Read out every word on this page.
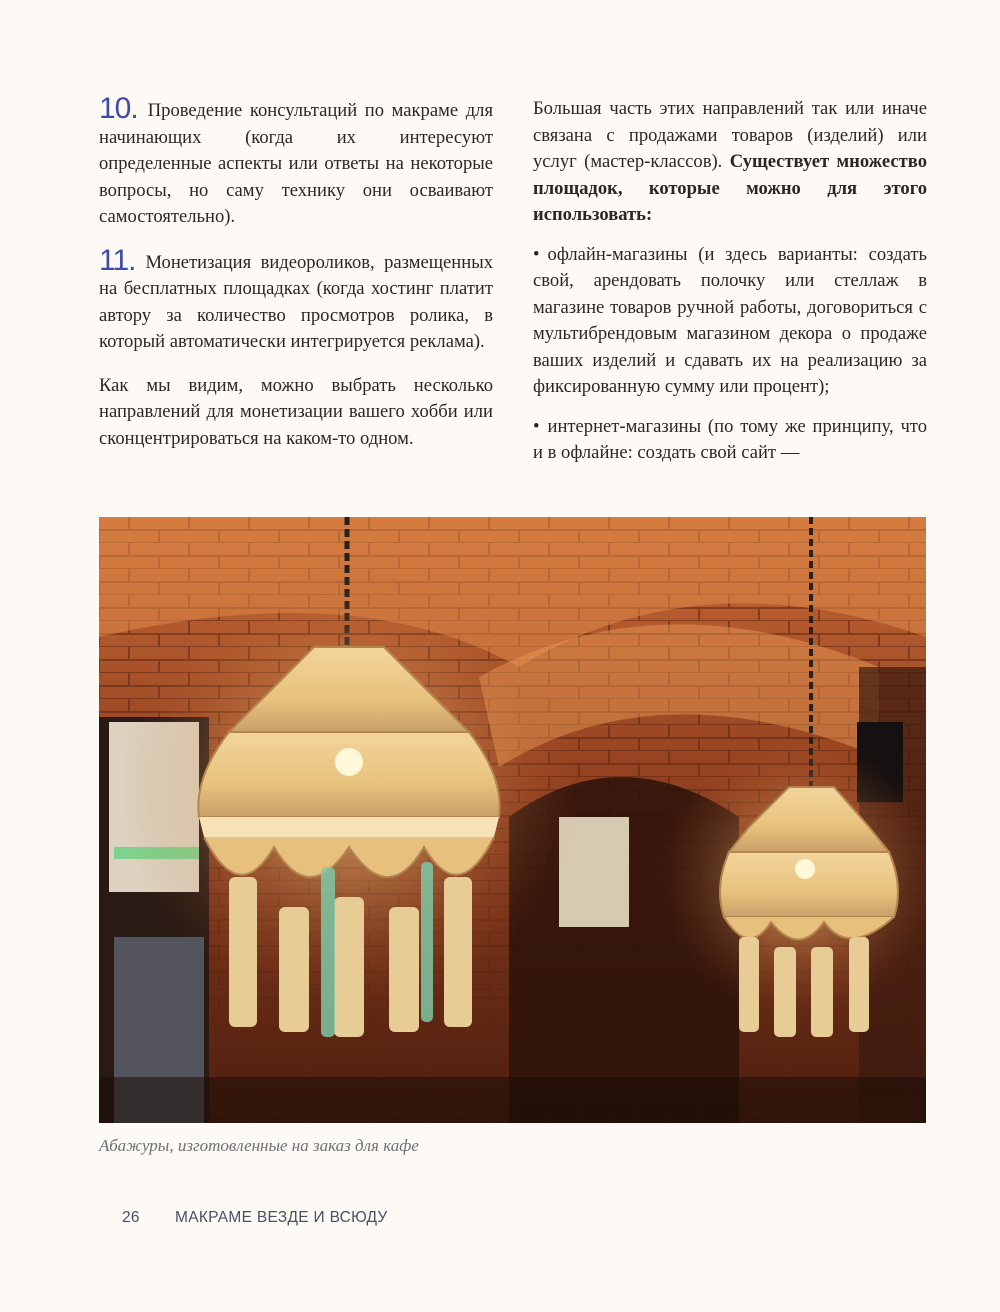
10. Проведение консультаций по макраме для начинающих (когда их интересуют определенные аспекты или ответы на некоторые вопросы, но саму технику они осваивают самостоятельно).

11. Монетизация видеороликов, размещенных на бесплатных площадках (когда хостинг платит автору за количество просмотров ролика, в который автоматически интегрируется реклама).

Как мы видим, можно выбрать несколько направлений для монетизации вашего хобби или сконцентрироваться на каком-то одном.

Большая часть этих направлений так или иначе связана с продажами товаров (изделий) или услуг (мастер-классов). Существует множество площадок, которые можно для этого использовать:

• офлайн-магазины (и здесь варианты: создать свой, арендовать полочку или стеллаж в магазине товаров ручной работы, договориться с мультибрендовым магазином декора о продаже ваших изделий и сдавать их на реализацию за фиксированную сумму или процент);

• интернет-магазины (по тому же принципу, что и в офлайне: создать свой сайт —

Абажуры, изготовленные на заказ для кафе
26 МАКРАМЕ ВЕЗДЕ И ВСЮДУ
